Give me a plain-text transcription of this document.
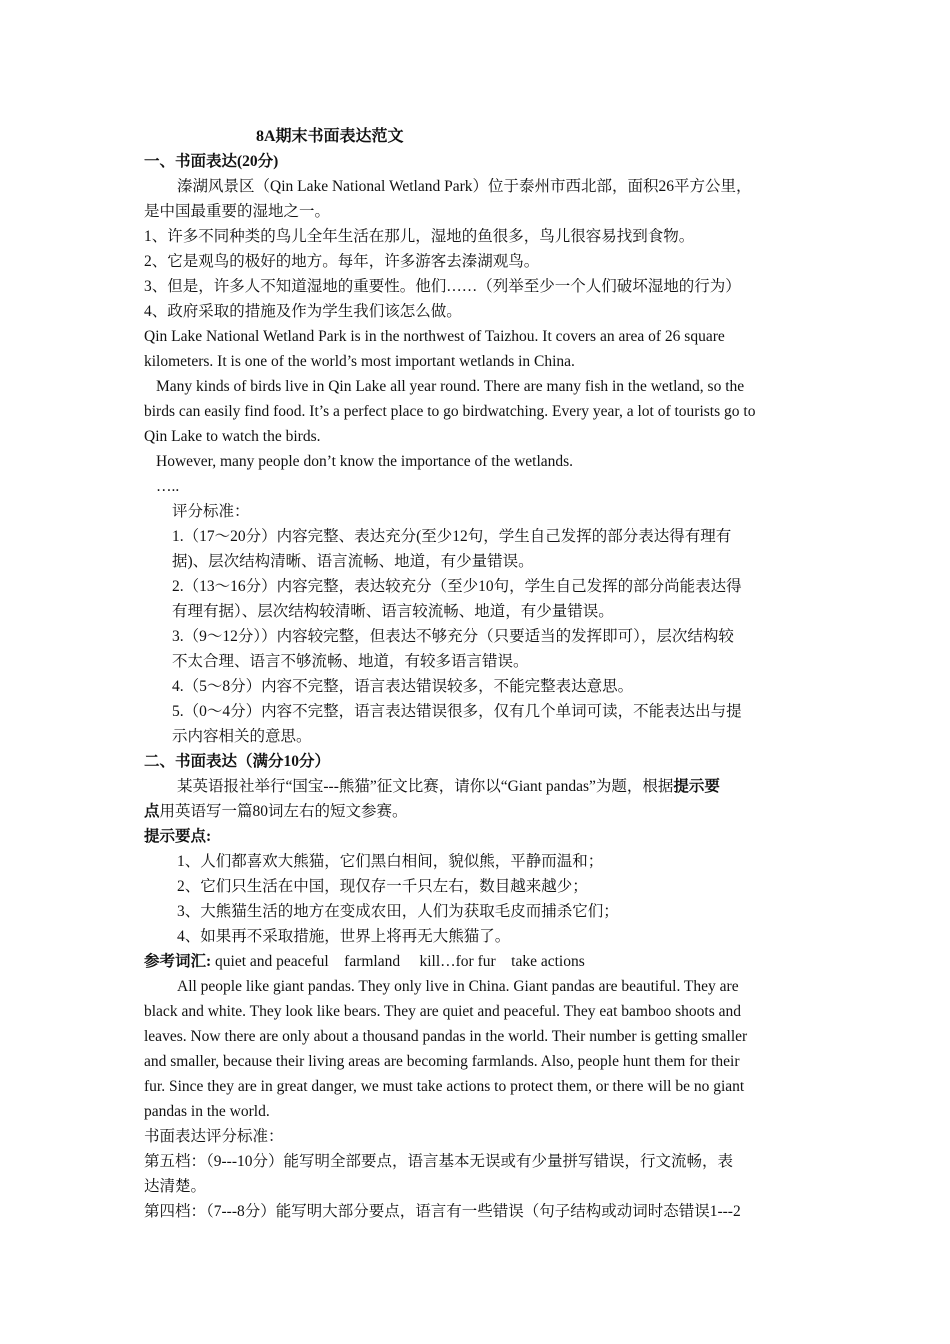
8A期末书面表达范文
一、书面表达(20分)

溱湖风景区（Qin Lake National Wetland Park）位于泰州市西北部，面积26平方公里，

是中国最重要的湿地之一。

1、许多不同种类的鸟儿全年生活在那儿，湿地的鱼很多，鸟儿很容易找到食物。

2、它是观鸟的极好的地方。每年，许多游客去溱湖观鸟。

3、但是，许多人不知道湿地的重要性。他们……（列举至少一个人们破坏湿地的行为）

4、政府采取的措施及作为学生我们该怎么做。

Qin Lake National Wetland Park is in the northwest of Taizhou. It covers an area of 26 square

kilometers. It is one of the world’s most important wetlands in China.

Many kinds of birds live in Qin Lake all year round. There are many fish in the wetland, so the

birds can easily find food. It’s a perfect place to go birdwatching. Every year, a lot of tourists go to

Qin Lake to watch the birds.

However, many people don’t know the importance of the wetlands.

…..

评分标准：

1.（17～20分）内容完整、表达充分(至少12句，学生自己发挥的部分表达得有理有

据)、层次结构清晰、语言流畅、地道，有少量错误。

2.（13～16分）内容完整，表达较充分（至少10句，学生自己发挥的部分尚能表达得

有理有据）、层次结构较清晰、语言较流畅、地道，有少量错误。

3.（9～12分））内容较完整，但表达不够充分（只要适当的发挥即可），层次结构较

不太合理、语言不够流畅、地道，有较多语言错误。

4.（5～8分）内容不完整，语言表达错误较多，不能完整表达意思。

5.（0～4分）内容不完整，语言表达错误很多，仅有几个单词可读，不能表达出与提

示内容相关的意思。

二、书面表达（满分10分）

某英语报社举行“国宝---熊猫”征文比赛，请你以“Giant pandas”为题，根据提示要

点用英语写一篇80词左右的短文参赛。

提示要点:

1、人们都喜欢大熊猫，它们黑白相间，貌似熊，平静而温和；

2、它们只生活在中国，现仅存一千只左右，数目越来越少；

3、大熊猫生活的地方在变成农田，人们为获取毛皮而捕杀它们；

4、如果再不采取措施，世界上将再无大熊猫了。

参考词汇: quiet and peaceful    farmland     kill…for fur    take actions

All people like giant pandas. They only live in China. Giant pandas are beautiful. They are

black and white. They look like bears. They are quiet and peaceful. They eat bamboo shoots and

leaves. Now there are only about a thousand pandas in the world. Their number is getting smaller

and smaller, because their living areas are becoming farmlands. Also, people hunt them for their

fur. Since they are in great danger, we must take actions to protect them, or there will be no giant

pandas in the world.

书面表达评分标准：

第五档：（9---10分）能写明全部要点，语言基本无误或有少量拼写错误，行文流畅，表

达清楚。

第四档：（7---8分）能写明大部分要点，语言有一些错误（句子结构或动词时态错误1---2
